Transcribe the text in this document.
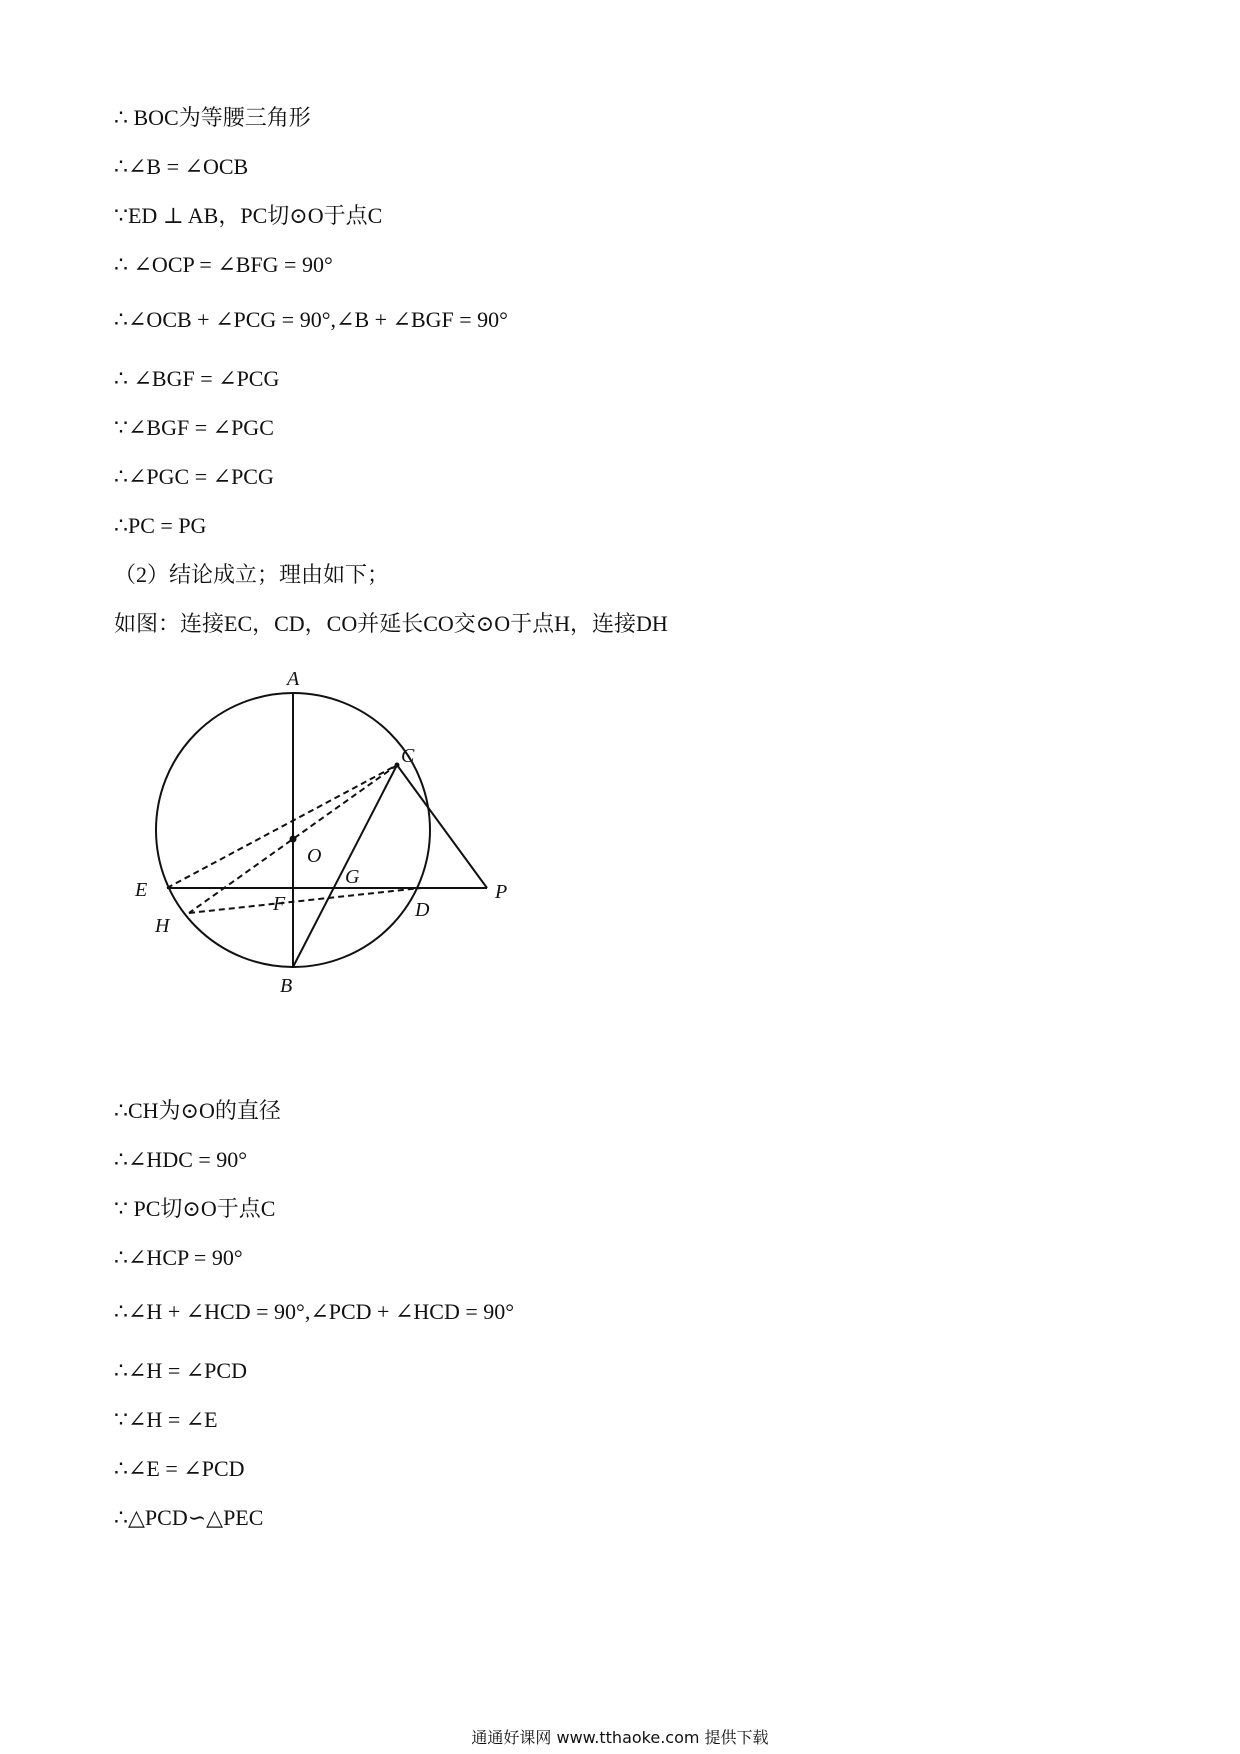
∴ BOC为等腰三角形
∴∠B = ∠OCB
∵ED ⊥ AB，PC切⊙O于点C
∴ ∠OCP = ∠BFG = 90°
∴∠OCB + ∠PCG = 90°,∠B + ∠BGF = 90°
∴ ∠BGF = ∠PCG
∵∠BGF = ∠PGC
∴∠PGC = ∠PCG
∴PC = PG
（2）结论成立；理由如下；
如图：连接EC，CD，CO并延长CO交⊙O于点H，连接DH
A
C
O
G
E
F	D
P
H
B
∴CH为⊙O的直径
∴∠HDC = 90°
∵ PC切⊙O于点C
∴∠HCP = 90°
∴∠H + ∠HCD = 90°,∠PCD + ∠HCD = 90°
∴∠H = ∠PCD
∵∠H = ∠E
∴∠E = ∠PCD
∴△PCD∽△PEC
通通好课网 www.tthaoke.com 提供下载
